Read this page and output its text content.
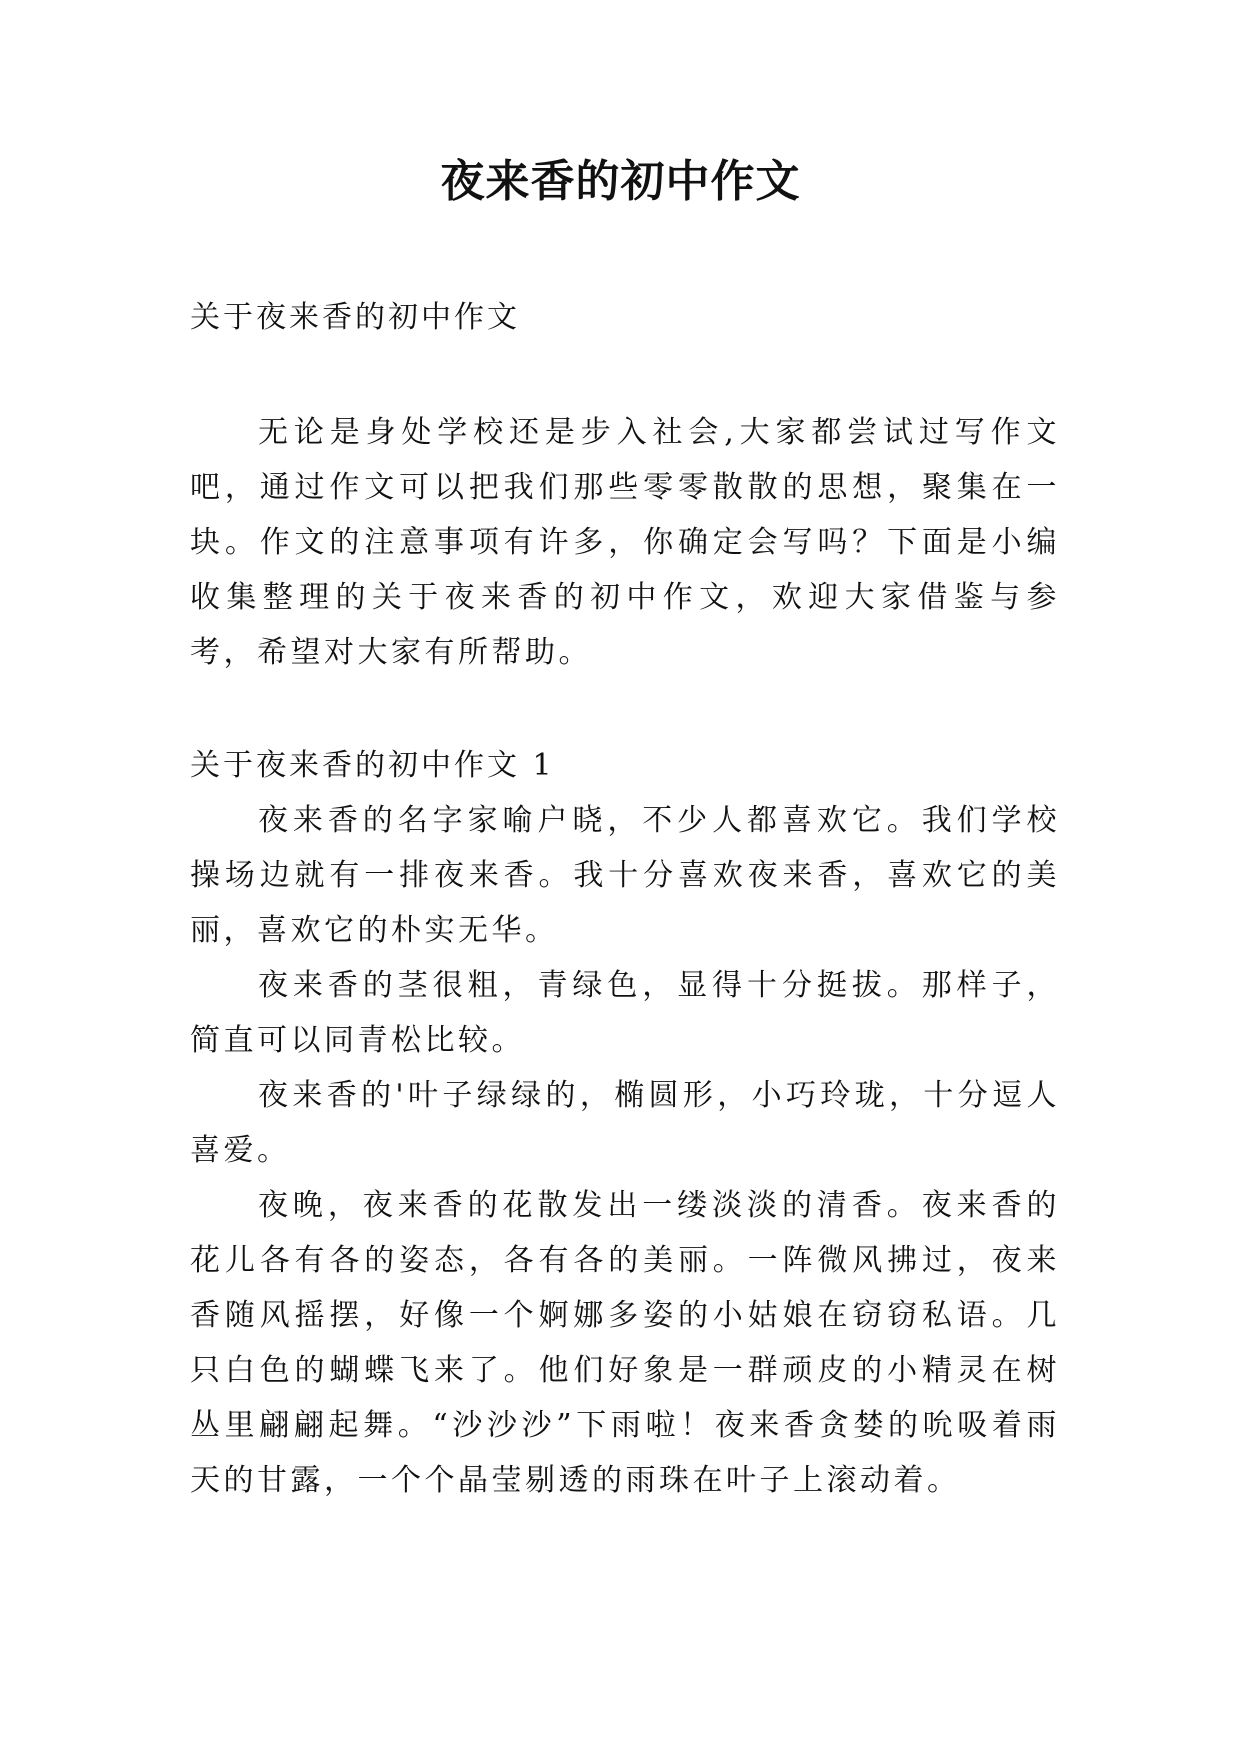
夜来香的初中作文

关于夜来香的初中作文

无论是身处学校还是步入社会,大家都尝试过写作文吧，通过作文可以把我们那些零零散散的思想，聚集在一块。作文的注意事项有许多，你确定会写吗？下面是小编收集整理的关于夜来香的初中作文，欢迎大家借鉴与参考，希望对大家有所帮助。

关于夜来香的初中作文 1

夜来香的名字家喻户晓，不少人都喜欢它。我们学校操场边就有一排夜来香。我十分喜欢夜来香，喜欢它的美丽，喜欢它的朴实无华。

夜来香的茎很粗，青绿色，显得十分挺拔。那样子，简直可以同青松比较。

夜来香的'叶子绿绿的，椭圆形，小巧玲珑，十分逗人喜爱。

夜晚，夜来香的花散发出一缕淡淡的清香。夜来香的花儿各有各的姿态，各有各的美丽。一阵微风拂过，夜来香随风摇摆，好像一个婀娜多姿的小姑娘在窃窃私语。几只白色的蝴蝶飞来了。他们好象是一群顽皮的小精灵在树丛里翩翩起舞。“沙沙沙”下雨啦！夜来香贪婪的吮吸着雨天的甘露，一个个晶莹剔透的雨珠在叶子上滚动着。
